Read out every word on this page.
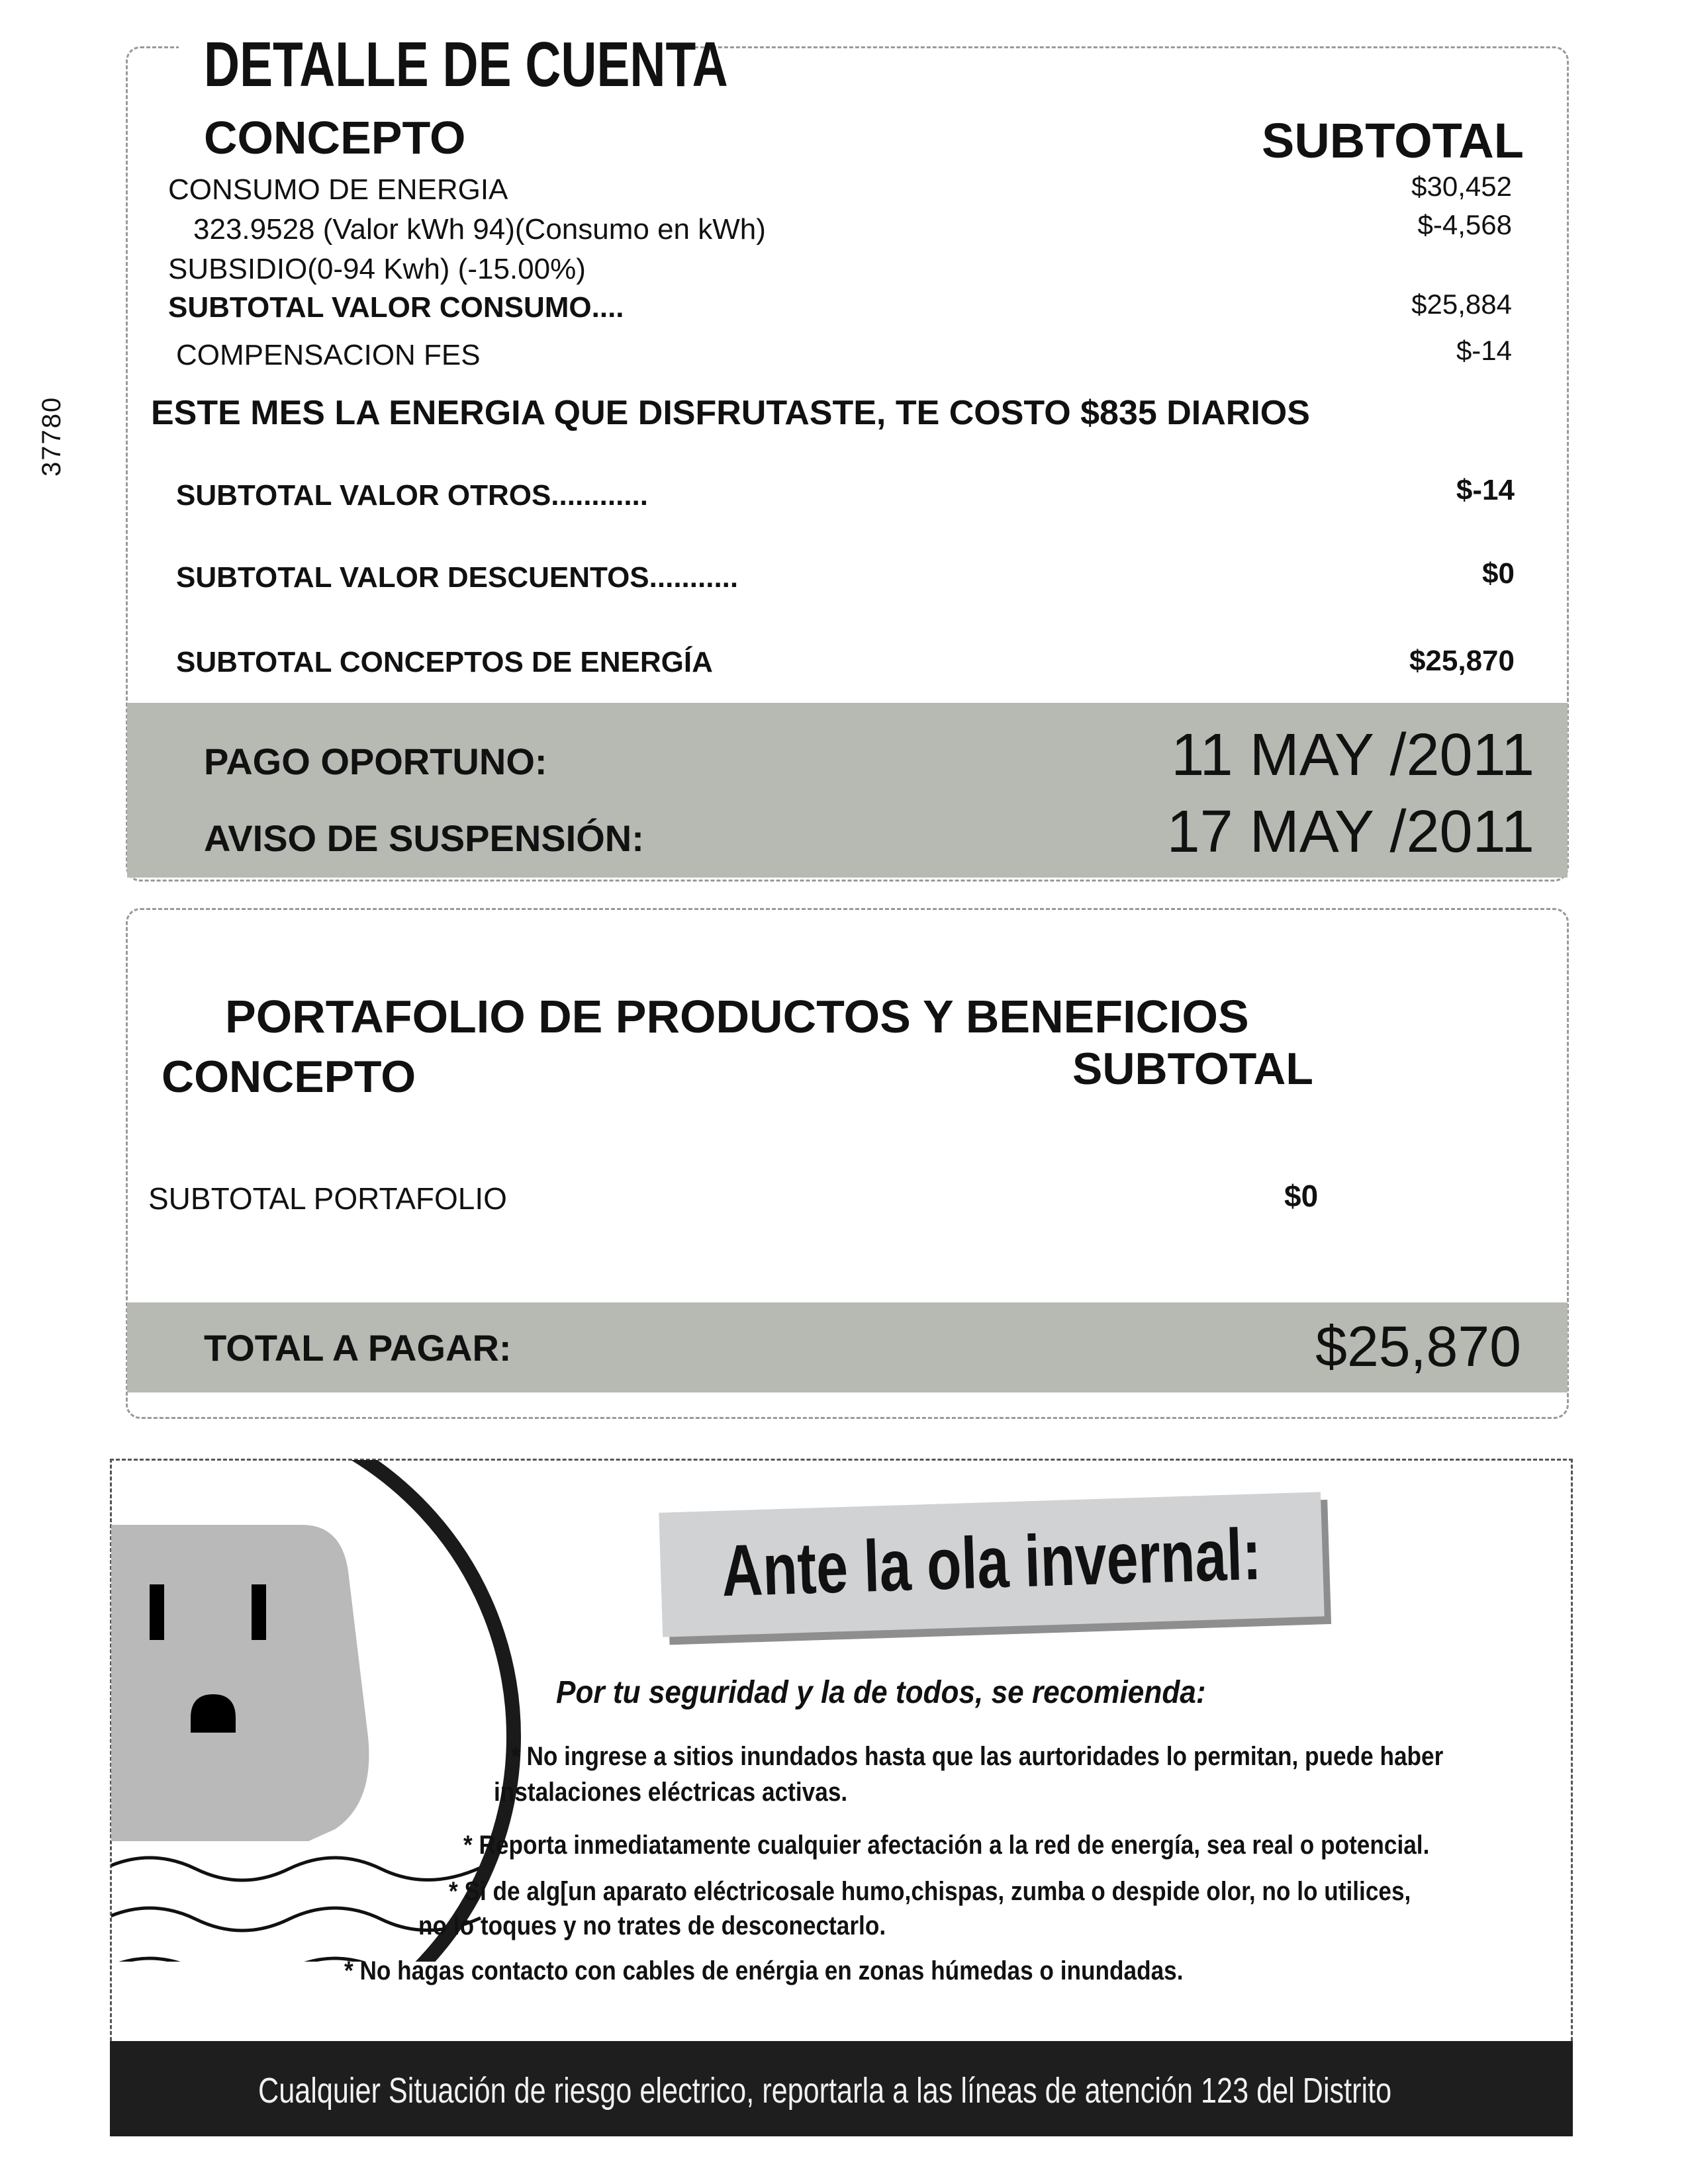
37780
DETALLE DE CUENTA
CONCEPTO	SUBTOTAL
CONSUMO DE ENERGIA	$30,452
323.9528 (Valor kWh 94)(Consumo en kWh)	$-4,568
SUBSIDIO(0-94 Kwh) (-15.00%)
SUBTOTAL VALOR CONSUMO....	$25,884
COMPENSACION FES	$-14
ESTE MES LA ENERGIA QUE DISFRUTASTE, TE COSTO $835 DIARIOS
SUBTOTAL VALOR OTROS............	$-14
SUBTOTAL VALOR DESCUENTOS...........	$0
SUBTOTAL CONCEPTOS DE ENERGÍA	$25,870
PAGO OPORTUNO:	11 MAY /2011
AVISO DE SUSPENSIÓN:	17 MAY /2011
PORTAFOLIO DE PRODUCTOS Y BENEFICIOS
CONCEPTO	SUBTOTAL
SUBTOTAL PORTAFOLIO	$0
TOTAL A PAGAR:	$25,870
Ante la ola invernal:
Por tu seguridad y la de todos, se recomienda:
* No ingrese a sitios inundados hasta que las aurtoridades lo permitan, puede haber
instalaciones eléctricas activas.
* Reporta inmediatamente cualquier afectación a la red de energía, sea real o potencial.
* Si de alg[un aparato eléctricosale humo,chispas, zumba o despide olor, no lo utilices,
no lo toques y no trates de desconectarlo.
* No hagas contacto con cables de enérgia en zonas húmedas o inundadas.
Cualquier Situación de riesgo electrico, reportarla a las líneas de atención 123 del Distrito
